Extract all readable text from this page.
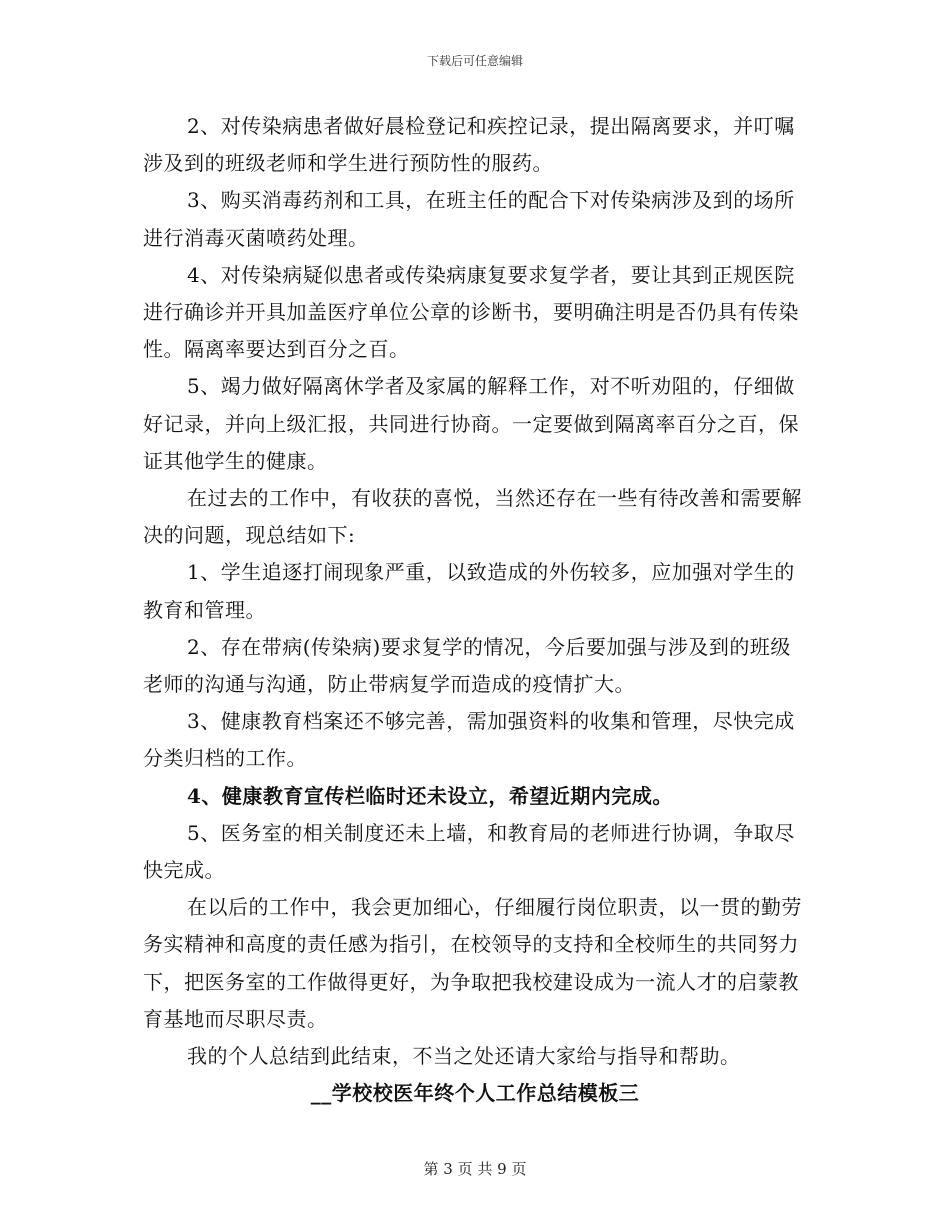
下载后可任意编辑

2、对传染病患者做好晨检登记和疾控记录，提出隔离要求，并叮嘱涉及到的班级老师和学生进行预防性的服药。

3、购买消毒药剂和工具，在班主任的配合下对传染病涉及到的场所进行消毒灭菌喷药处理。

4、对传染病疑似患者或传染病康复要求复学者，要让其到正规医院进行确诊并开具加盖医疗单位公章的诊断书，要明确注明是否仍具有传染性。隔离率要达到百分之百。

5、竭力做好隔离休学者及家属的解释工作，对不听劝阻的，仔细做好记录，并向上级汇报，共同进行协商。一定要做到隔离率百分之百，保证其他学生的健康。

在过去的工作中，有收获的喜悦，当然还存在一些有待改善和需要解决的问题，现总结如下:

1、学生追逐打闹现象严重，以致造成的外伤较多，应加强对学生的教育和管理。

2、存在带病(传染病)要求复学的情况，今后要加强与涉及到的班级老师的沟通与沟通，防止带病复学而造成的疫情扩大。

3、健康教育档案还不够完善，需加强资料的收集和管理，尽快完成分类归档的工作。

4、健康教育宣传栏临时还未设立，希望近期内完成。

5、医务室的相关制度还未上墙，和教育局的老师进行协调，争取尽快完成。

在以后的工作中，我会更加细心，仔细履行岗位职责，以一贯的勤劳务实精神和高度的责任感为指引，在校领导的支持和全校师生的共同努力下，把医务室的工作做得更好，为争取把我校建设成为一流人才的启蒙教育基地而尽职尽责。

我的个人总结到此结束，不当之处还请大家给与指导和帮助。

__学校校医年终个人工作总结模板三

第 3 页 共 9 页
